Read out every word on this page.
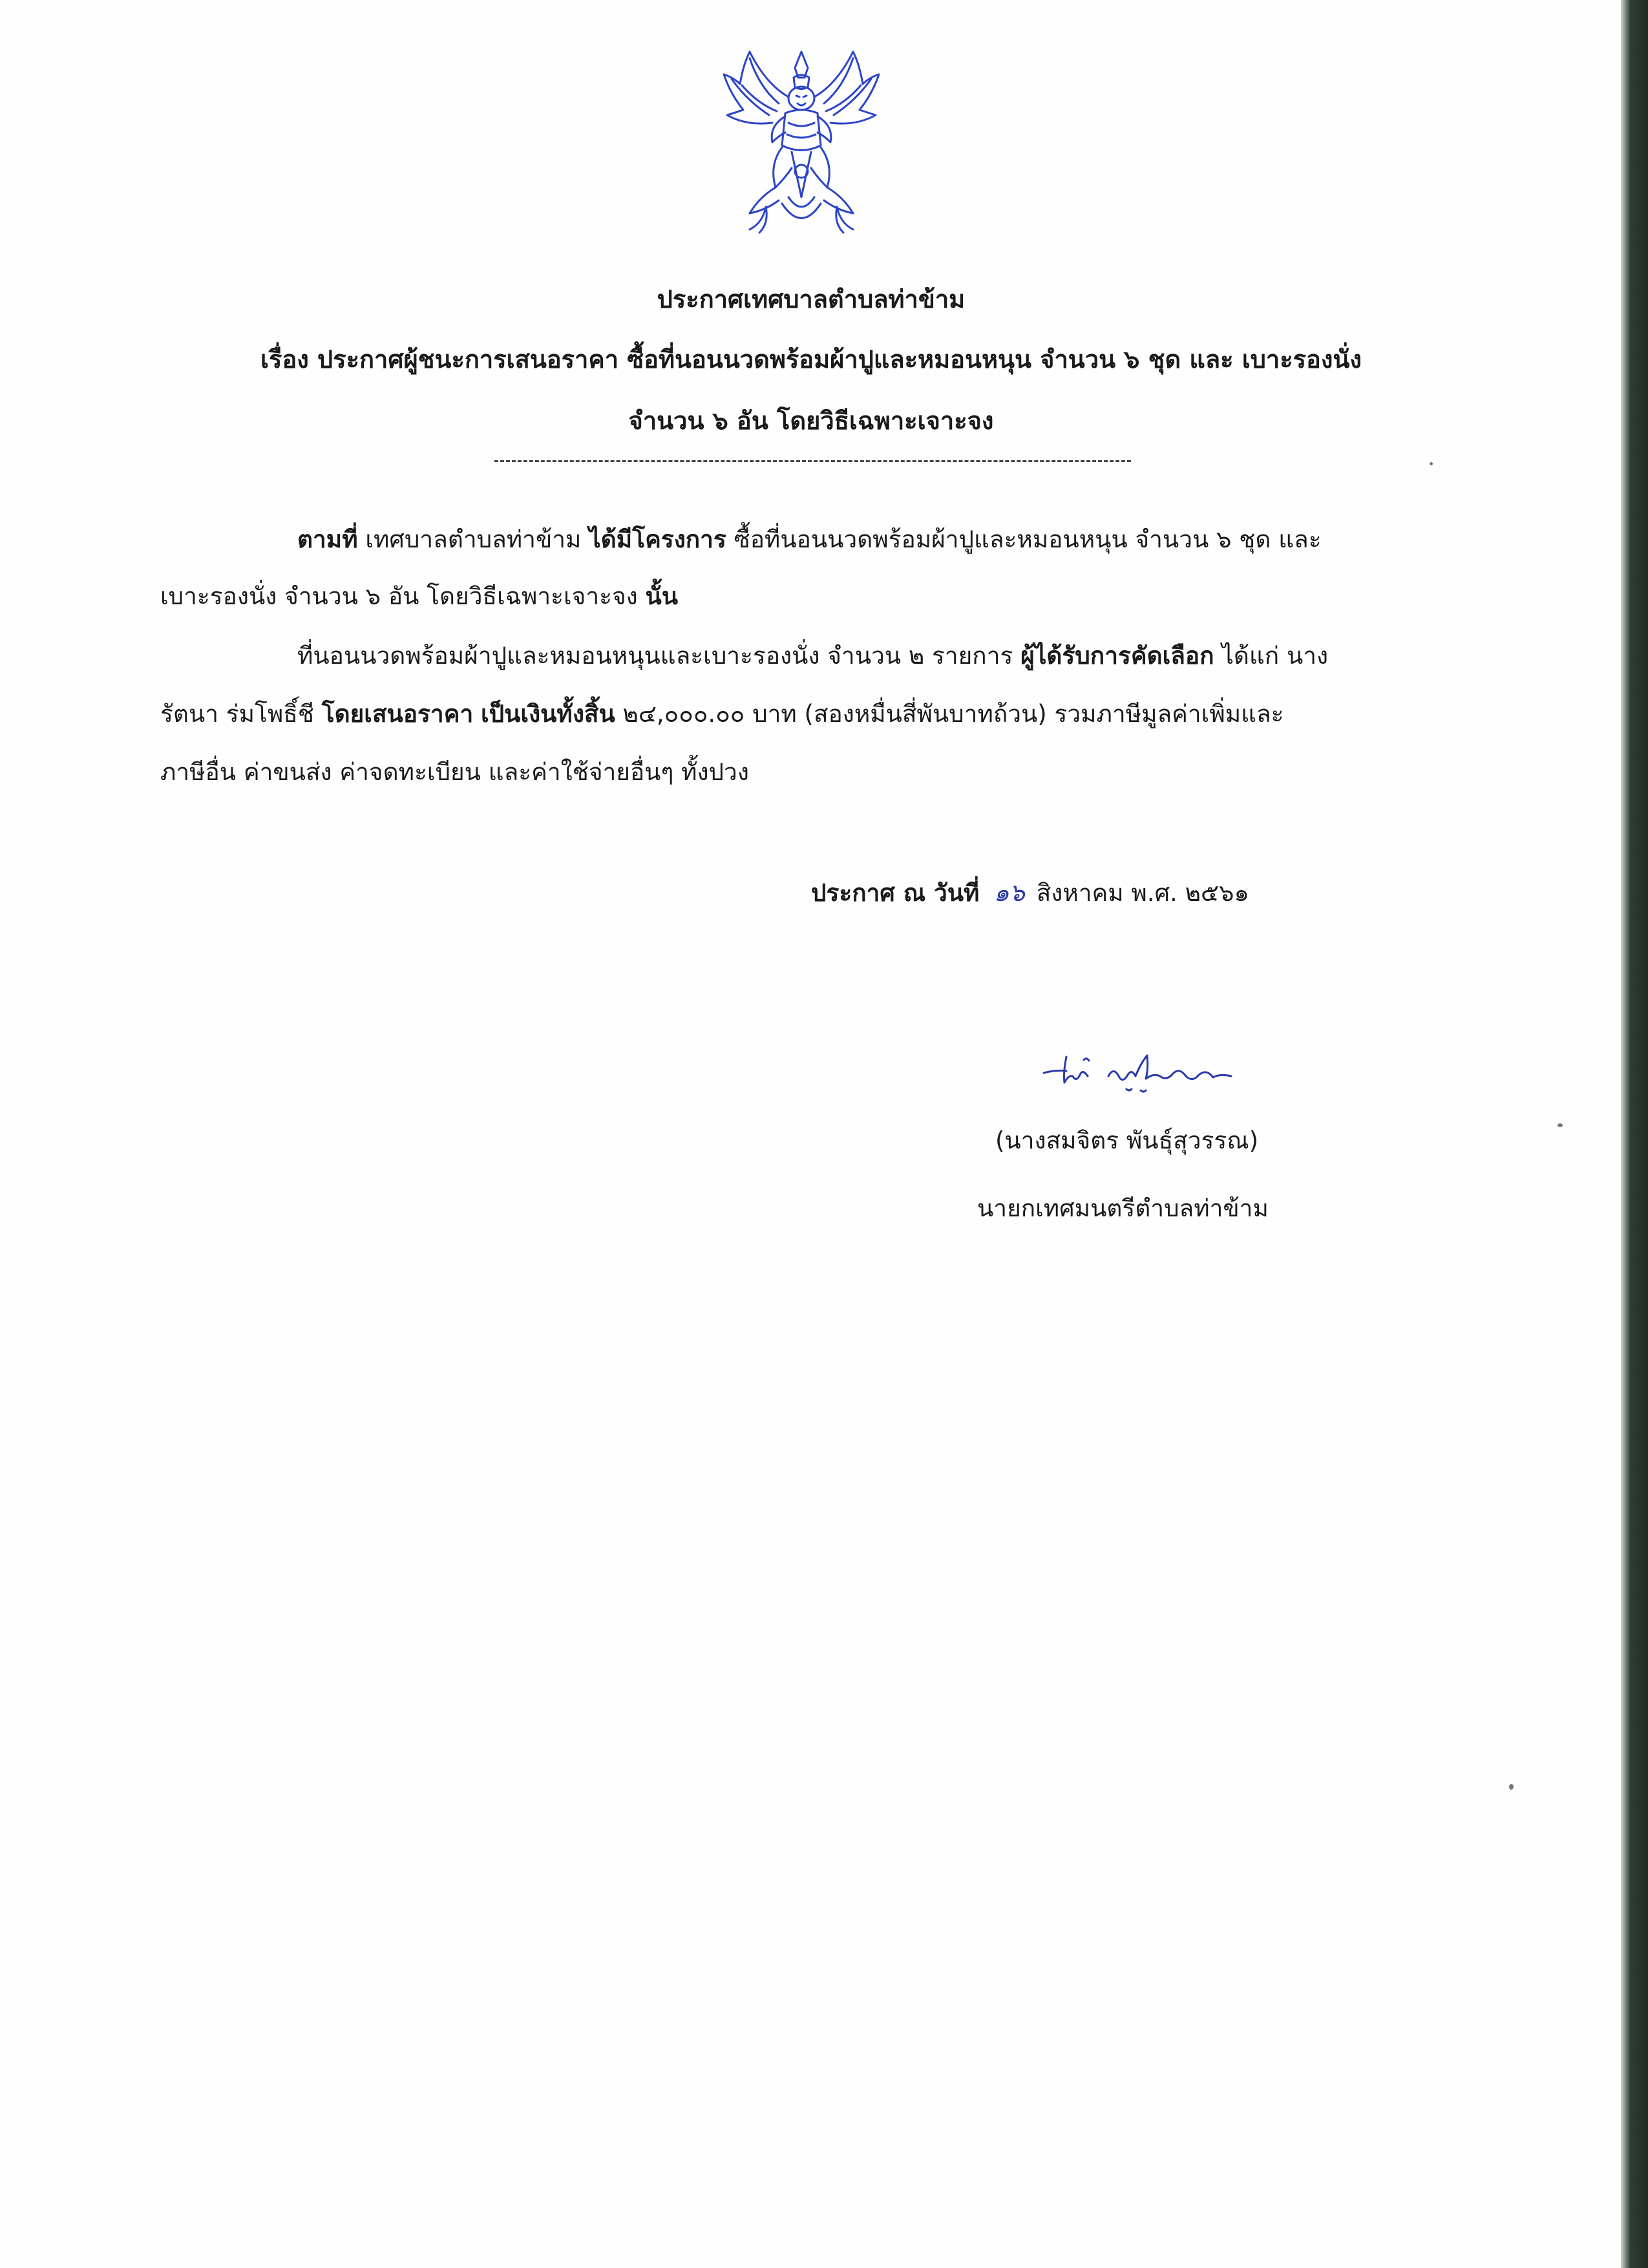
ประกาศเทศบาลตำบลท่าข้าม
เรื่อง ประกาศผู้ชนะการเสนอราคา ซื้อที่นอนนวดพร้อมผ้าปูและหมอนหนุน จำนวน ๖ ชุด และ เบาะรองนั่ง
จำนวน ๖ อัน โดยวิธีเฉพาะเจาะจง
ตามที่ เทศบาลตำบลท่าข้าม ได้มีโครงการ ซื้อที่นอนนวดพร้อมผ้าปูและหมอนหนุน จำนวน ๖ ชุด และ
เบาะรองนั่ง จำนวน ๖ อัน โดยวิธีเฉพาะเจาะจง นั้น
ที่นอนนวดพร้อมผ้าปูและหมอนหนุนและเบาะรองนั่ง จำนวน ๒ รายการ ผู้ได้รับการคัดเลือก ได้แก่ นาง
รัตนา ร่มโพธิ์ชี โดยเสนอราคา เป็นเงินทั้งสิ้น ๒๔,๐๐๐.๐๐ บาท (สองหมื่นสี่พันบาทถ้วน) รวมภาษีมูลค่าเพิ่มและ
ภาษีอื่น ค่าขนส่ง ค่าจดทะเบียน และค่าใช้จ่ายอื่นๆ ทั้งปวง
ประกาศ ณ วันที่ ๑๖ สิงหาคม พ.ศ. ๒๕๖๑
(นางสมจิตร พันธุ์สุวรรณ)
นายกเทศมนตรีตำบลท่าข้าม
